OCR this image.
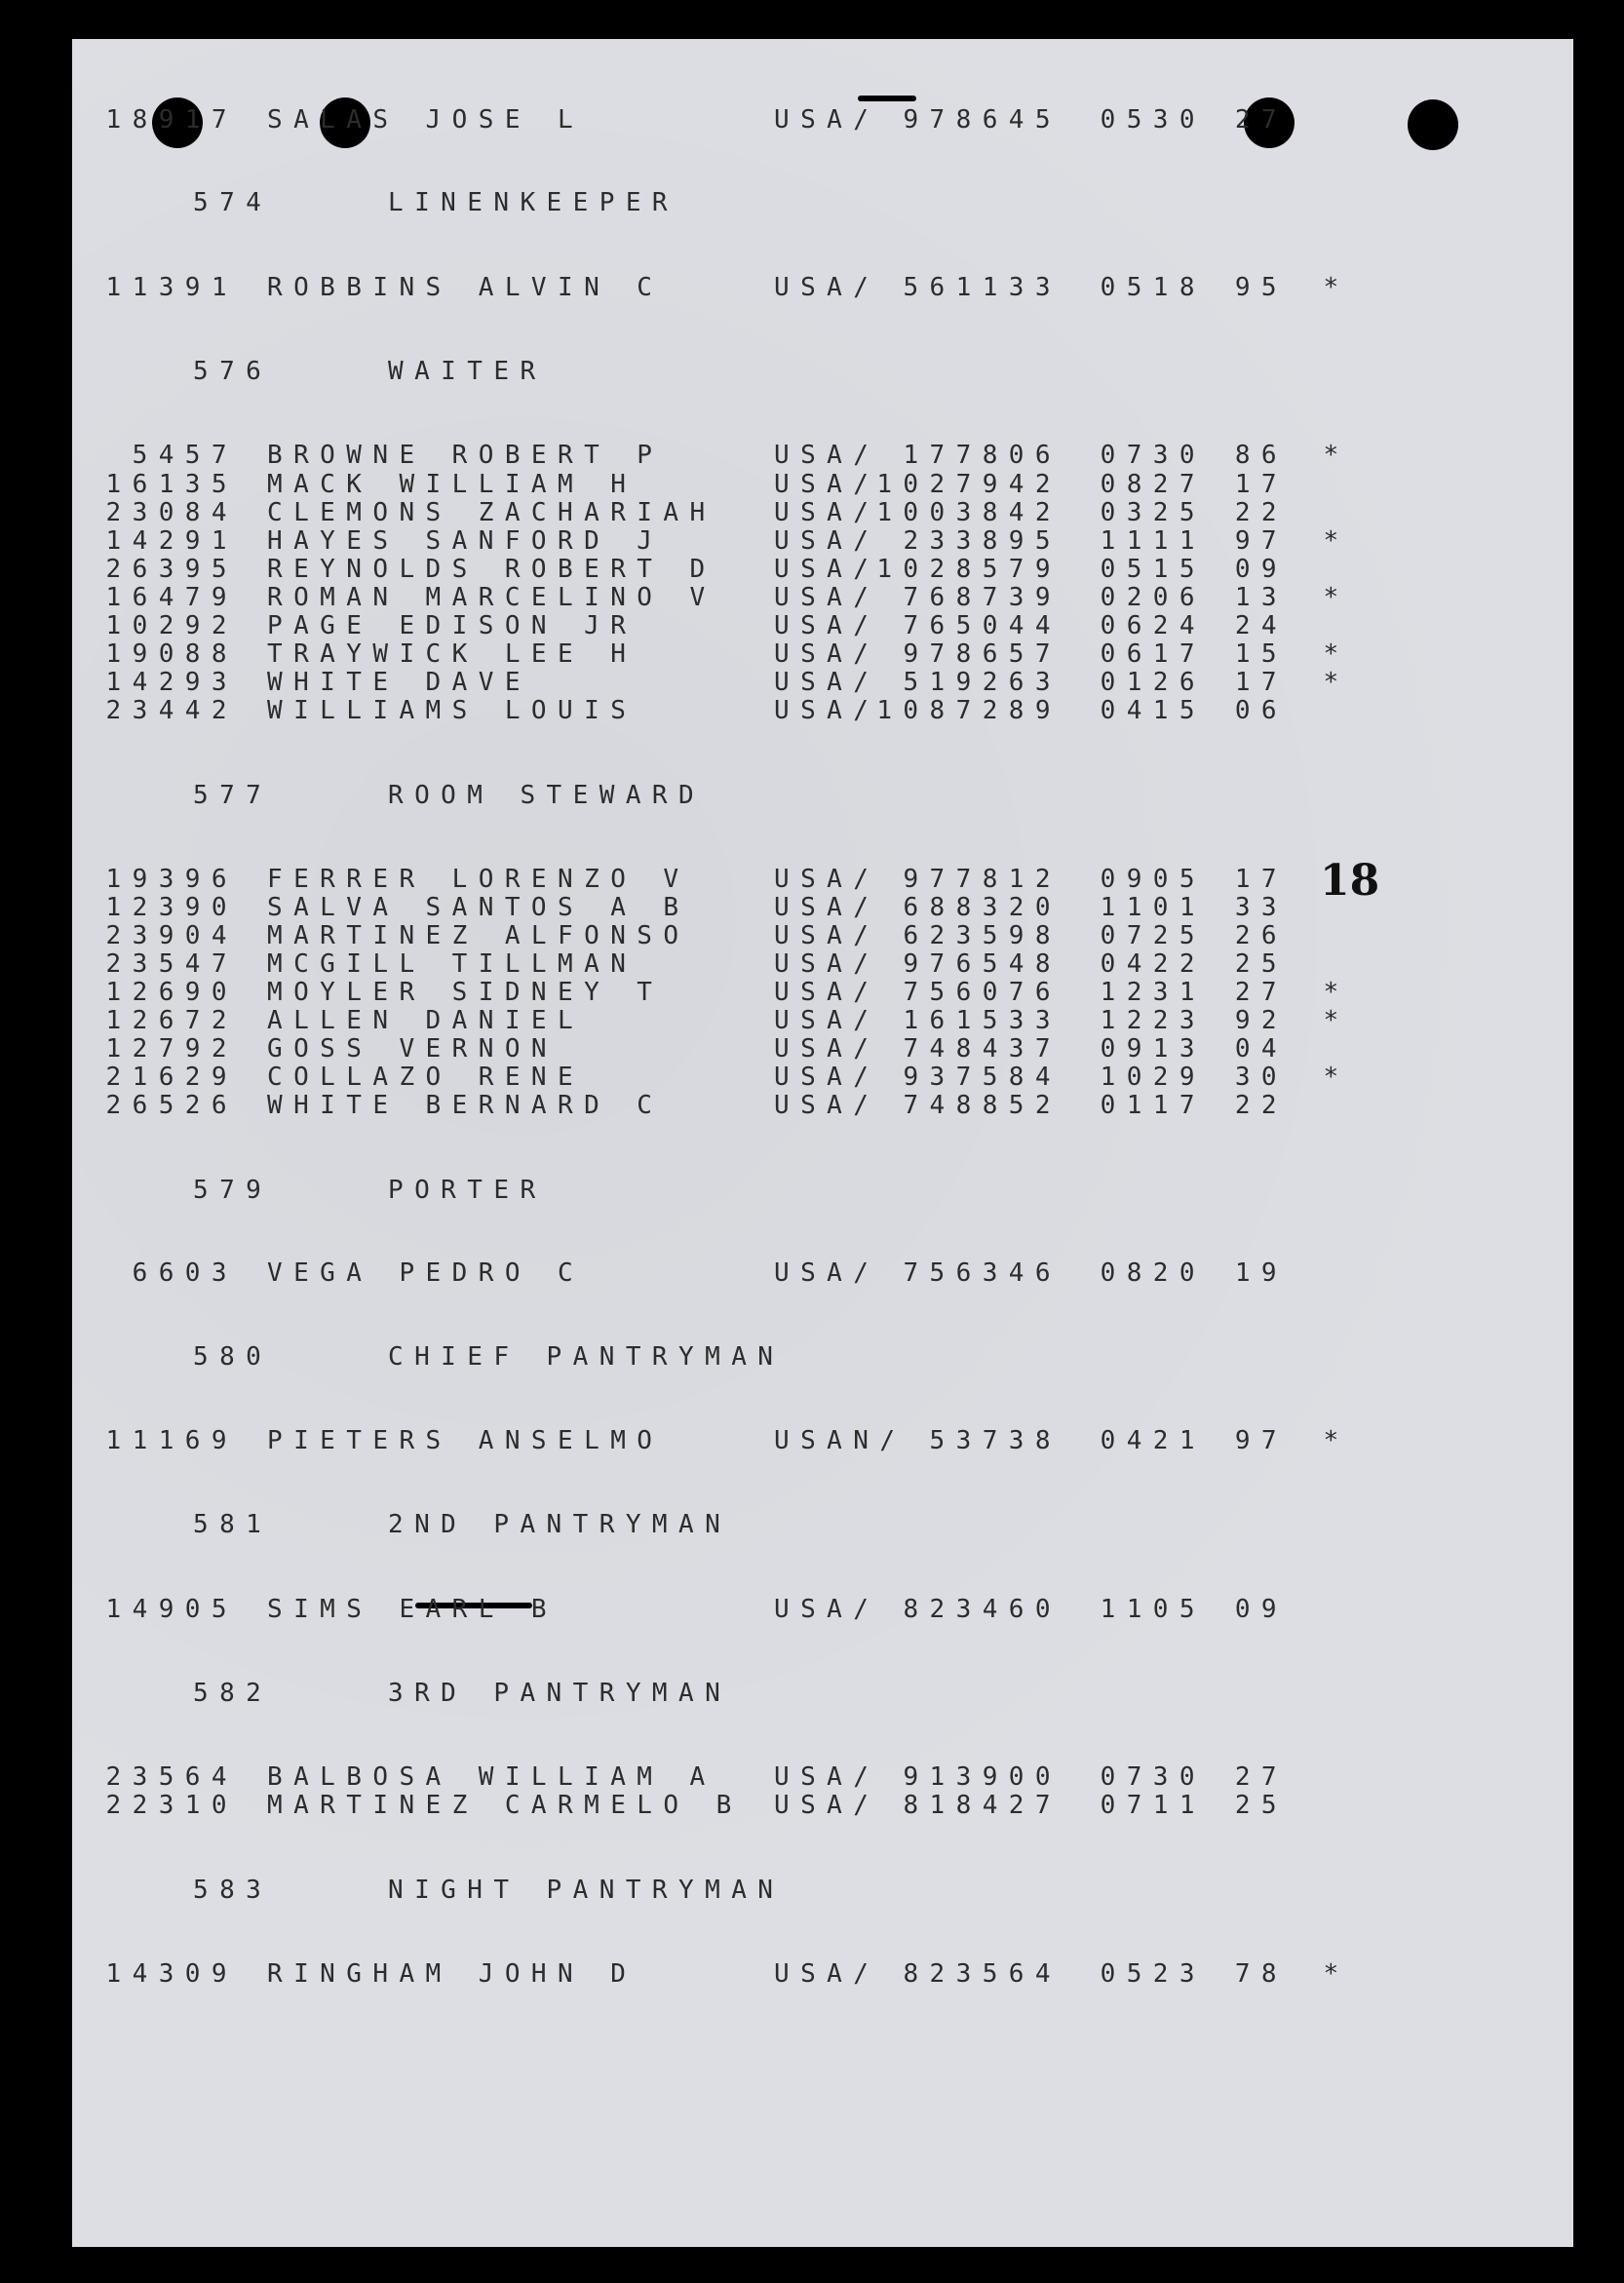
18
18917 SALAS JOSE L	USA/ 978645 0530 27
574	LINENKEEPER
11391 ROBBINS ALVIN C	USA/ 561133 0518 95 *
576	WAITER
5457 BROWNE ROBERT P	USA/ 177806 0730 86 *
16135 MACK WILLIAM H	USA/1027942 0827 17
23084 CLEMONS ZACHARIAH USA/1003842 0325 22
14291 HAYES SANFORD J	USA/ 233895 1111 97 *
26395 REYNOLDS ROBERT D USA/1028579 0515 09
16479 ROMAN MARCELINO V USA/ 768739 0206 13 *
10292 PAGE EDISON JR	USA/ 765044 0624 24
19088 TRAYWICK LEE H	USA/ 978657 0617 15 *
14293 WHITE DAVE	USA/ 519263 0126 17 *
23442 WILLIAMS LOUIS	USA/1087289 0415 06
577	ROOM STEWARD
19396 FERRER LORENZO V	USA/ 977812 0905 17
12390 SALVA SANTOS A B	USA/ 688320 1101 33
23904 MARTINEZ ALFONSO	USA/ 623598 0725 26
23547 MCGILL TILLMAN	USA/ 976548 0422 25
12690 MOYLER SIDNEY T	USA/ 756076 1231 27 *
12672 ALLEN DANIEL	USA/ 161533 1223 92 *
12792 GOSS VERNON	USA/ 748437 0913 04
21629 COLLAZO RENE	USA/ 937584 1029 30 *
26526 WHITE BERNARD C	USA/ 748852 0117 22
579	PORTER
6603 VEGA PEDRO C	USA/ 756346 0820 19
580	CHIEF PANTRYMAN
11169 PIETERS ANSELMO	USAN/ 53738 0421 97 *
581	2ND PANTRYMAN
14905 SIMS EARL B	USA/ 823460 1105 09
582	3RD PANTRYMAN
23564 BALBOSA WILLIAM A USA/ 913900 0730 27
22310 MARTINEZ CARMELO B USA/ 818427 0711 25
583	NIGHT PANTRYMAN
14309 RINGHAM JOHN D	USA/ 823564 0523 78 *
